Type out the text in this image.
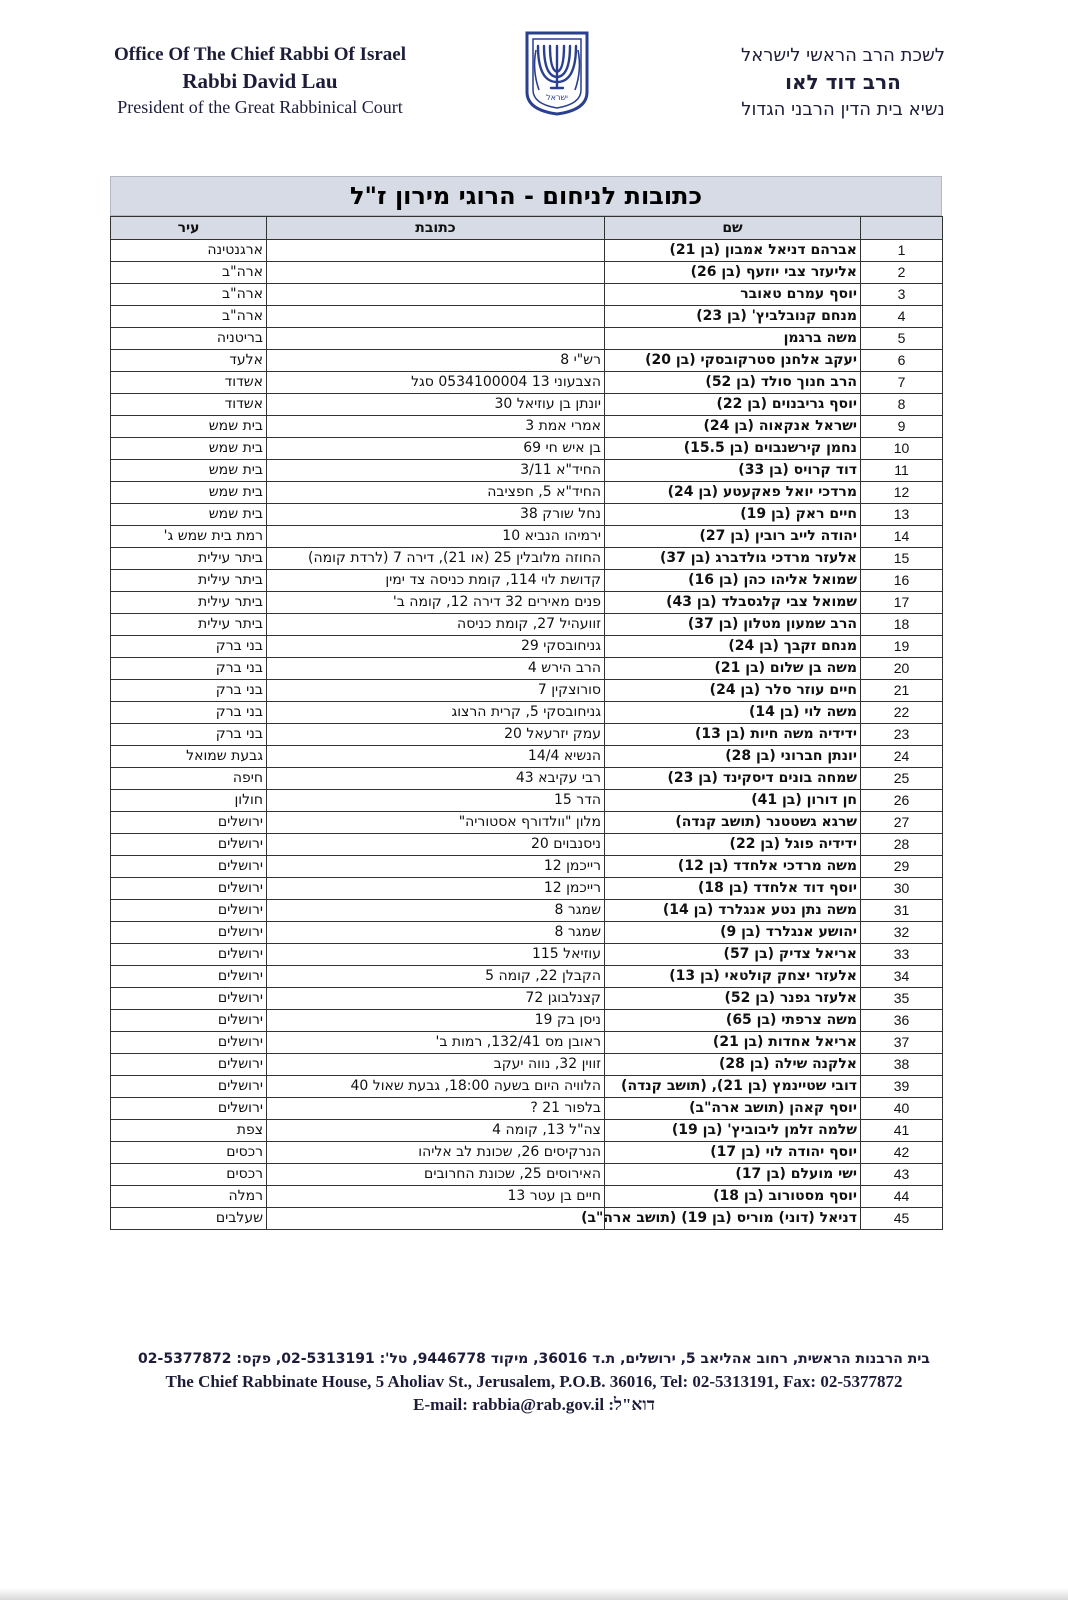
Office Of The Chief Rabbi Of Israel
Rabbi David Lau
President of the Great Rabbinical Court	ישראל
לשכת הרב הראשי לישראל
הרב דוד לאו
נשיא בית הדין הרבני הגדול
כתובות לניחום - הרוגי מירון ז"ל
	שם	כתובת	עיר
1	אברהם דניאל אמבון (בן 21)		ארגנטינה
2	אליעזר צבי יוזעף (בן 26)		ארה"ב
3	יוסף עמרם טאובר		ארה"ב
4	מנחם קנובלביץ' (בן 23)		ארה"ב
5	משה ברגמן		בריטניה
6	יעקב אלחנן סטרקובסקי (בן 20)	רש"י 8	אלעד
7	הרב חנוך סולד (בן 52)	הצבעוני 13 0534100004 סגל	אשדוד
8	יוסף גריבנוים (בן 22)	יונתן בן עוזיאל 30	אשדוד
9	ישראל אנקאוה (בן 24)	אמרי אמת 3	בית שמש
10	נחמן קירשנבוים (בן 15.5)	בן איש חי 69	בית שמש
11	דוד קרויס (בן 33)	החיד"א 3/11	בית שמש
12	מרדכי יואל פאקעטע (בן 24)	החיד"א 5, חפציבה	בית שמש
13	חיים ראק (בן 19)	נחל שורק 38	בית שמש
14	יהודה לייב רובין (בן 27)	ירמיהו הנביא 10	רמת בית שמש ג'
15	אלעזר מרדכי גולדברג (בן 37)	החוזה מלובלין 25 (או 21), דירה 7 (לרדת קומה)	ביתר עילית
16	שמואל אליהו כהן (בן 16)	קדושת לוי 114, קומת כניסה צד ימין	ביתר עילית
17	שמואל צבי קלגסבלד (בן 43)	פנים מאירים 32 דירה 12, קומה ב'	ביתר עילית
18	הרב שמעון מטלון (בן 37)	זוועהיל 27, קומת כניסה	ביתר עילית
19	מנחם זקבך (בן 24)	גניחובסקי 29	בני ברק
20	משה בן שלום (בן 21)	הרב הירש 4	בני ברק
21	חיים עוזר סלר (בן 24)	סורוצקין 7	בני ברק
22	משה לוי (בן 14)	גניחובסקי 5, קרית הרצוג	בני ברק
23	ידידיה משה חיות (בן 13)	עמק יזרעאל 20	בני ברק
24	יונתן חברוני (בן 28)	הנשיא 14/4	גבעת שמואל
25	שמחה בונים דיסקינד (בן 23)	רבי עקיבא 43	חיפה
26	חן דורון (בן 41)	הדר 15	חולון
27	שרגא גשטטנר (תושב קנדה)	מלון "וולדורף אסטוריה"	ירושלים
28	ידידיה פוגל (בן 22)	ניסנבוים 20	ירושלים
29	משה מרדכי אלחדד (בן 12)	רייכמן 12	ירושלים
30	יוסף דוד אלחדד (בן 18)	רייכמן 12	ירושלים
31	משה נתן נטע אנגלרד (בן 14)	שמגר 8	ירושלים
32	יהושע אנגלרד (בן 9)	שמגר 8	ירושלים
33	אריאל צדיק (בן 57)	עוזיאל 115	ירושלים
34	אלעזר יצחק קולטאי (בן 13)	הקבלן 22, קומה 5	ירושלים
35	אלעזר גפנר (בן 52)	קצנלבוגן 72	ירושלים
36	משה צרפתי (בן 65)	ניסן בק 19	ירושלים
37	אריאל אחדות (בן 21)	ראובן מס 132/41, רמות ב'	ירושלים
38	אלקנה שילה (בן 28)	זווין 32, נווה יעקב	ירושלים
39	דובי שטיינמץ (בן 21), (תושב קנדה)	הלוויה היום בשעה 18:00, גבעת שאול 40	ירושלים
40	יוסף קאהן (תושב ארה"ב)	בלפור 21 ?	ירושלים
41	שלמה זלמן ליבוביץ' (בן 19)	צה"ל 13, קומה 4	צפת
42	יוסף יהודה לוי (בן 17)	הנרקיסים 26, שכונת לב אליהו	רכסים
43	ישי מועלם (בן 17)	האירוסים 25, שכונת החרובים	רכסים
44	יוסף מסטורוב (בן 18)	חיים בן עטר 13	רמלה
45	דניאל (דוני) מוריס (בן 19) (תושב ארה"ב)		שעלבים
בית הרבנות הראשית, רחוב אהליאב 5, ירושלים, ת.ד 36016, מיקוד 9446778, טל': 02-5313191, פקס: 02-5377872
The Chief Rabbinate House, 5 Aholiav St., Jerusalem, P.O.B. 36016, Tel: 02-5313191, Fax: 02-5377872
E-mail: rabbia@rab.gov.il :דוא"ל
